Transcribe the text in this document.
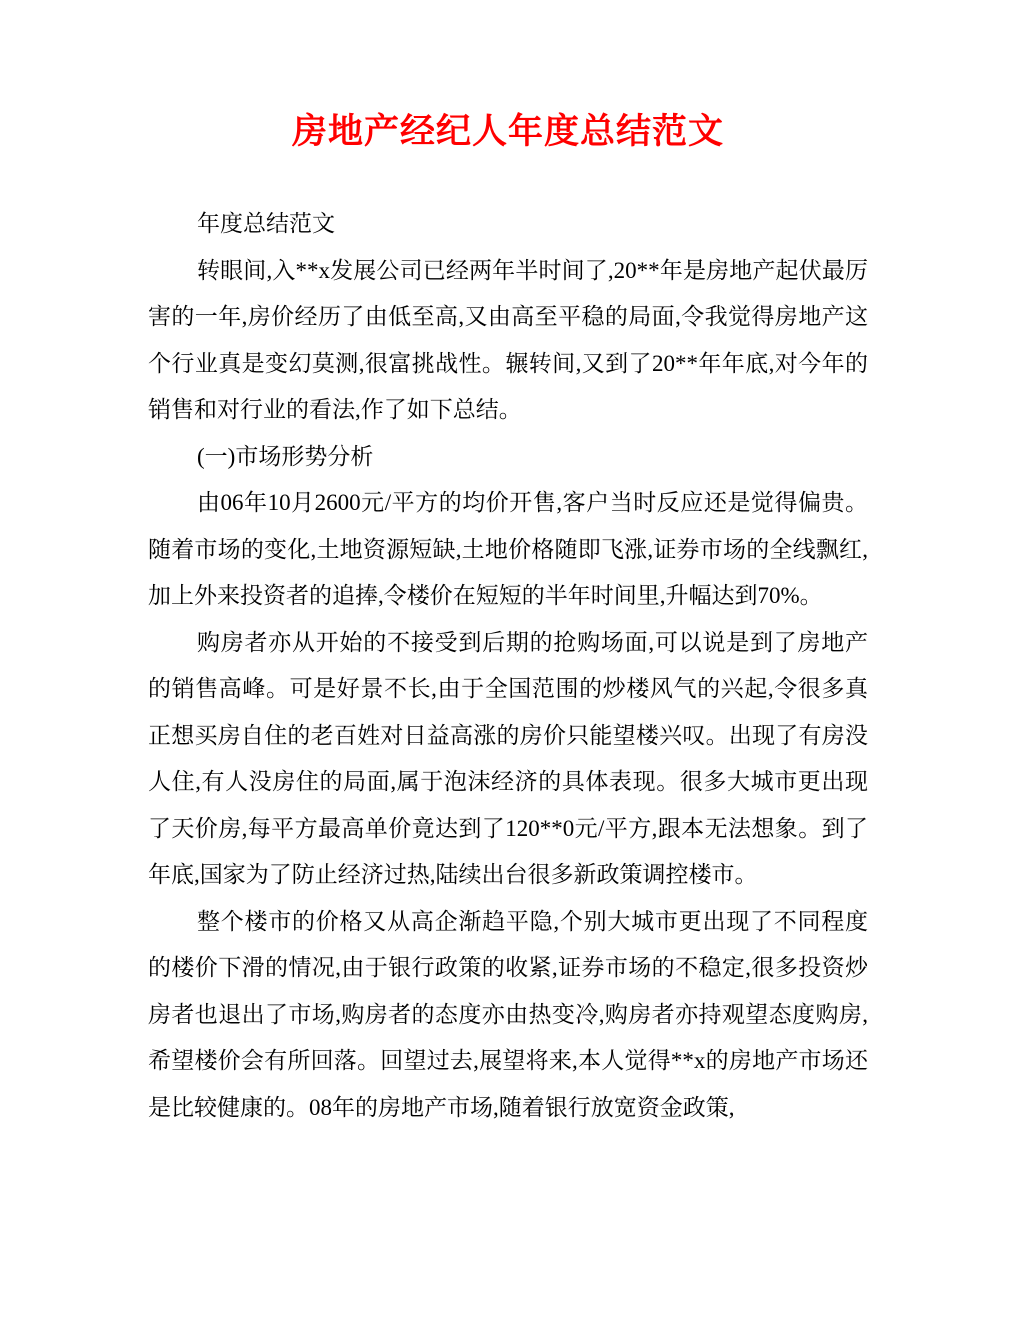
房地产经纪人年度总结范文

年度总结范文

转眼间,入**x发展公司已经两年半时间了,20**年是房地产起伏最厉害的一年,房价经历了由低至高,又由高至平稳的局面,令我觉得房地产这个行业真是变幻莫测,很富挑战性。辗转间,又到了20**年年底,对今年的销售和对行业的看法,作了如下总结。

(一)市场形势分析

由06年10月2600元/平方的均价开售,客户当时反应还是觉得偏贵。随着市场的变化,土地资源短缺,土地价格随即飞涨,证券市场的全线飘红,加上外来投资者的追捧,令楼价在短短的半年时间里,升幅达到70%。

购房者亦从开始的不接受到后期的抢购场面,可以说是到了房地产的销售高峰。可是好景不长,由于全国范围的炒楼风气的兴起,令很多真正想买房自住的老百姓对日益高涨的房价只能望楼兴叹。出现了有房没人住,有人没房住的局面,属于泡沫经济的具体表现。很多大城市更出现了天价房,每平方最高单价竟达到了120**0元/平方,跟本无法想象。到了年底,国家为了防止经济过热,陆续出台很多新政策调控楼市。

整个楼市的价格又从高企渐趋平隐,个别大城市更出现了不同程度的楼价下滑的情况,由于银行政策的收紧,证券市场的不稳定,很多投资炒房者也退出了市场,购房者的态度亦由热变冷,购房者亦持观望态度购房,希望楼价会有所回落。回望过去,展望将来,本人觉得**x的房地产市场还是比较健康的。08年的房地产市场,随着银行放宽资金政策,
